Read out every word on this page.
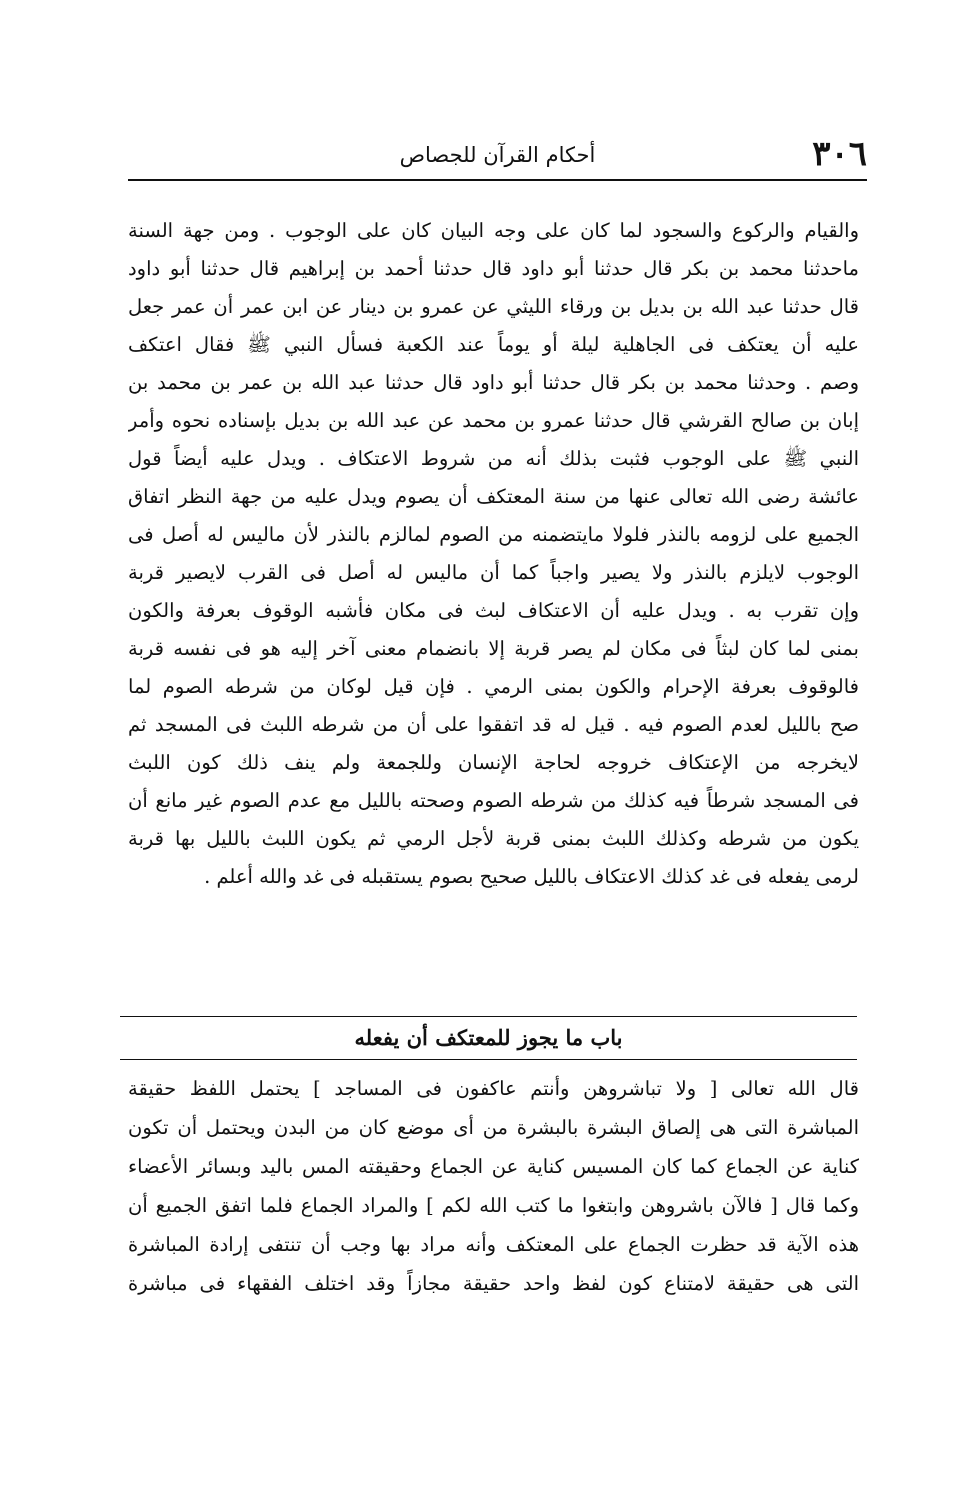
٣٠٦
أحكام القرآن للجصاص
والقيام والركوع والسجود لما كان على وجه البيان كان على الوجوب . ومن جهة السنة
ماحدثنا محمد بن بكر قال حدثنا أبو داود قال حدثنا أحمد بن إبراهيم قال حدثنا أبو داود
قال حدثنا عبد الله بن بديل بن ورقاء الليثي عن عمرو بن دينار عن ابن عمر أن عمر جعل
عليه أن يعتكف فى الجاهلية ليلة أو يوماً عند الكعبة فسأل النبي ﷺ فقال اعتكف
وصم . وحدثنا محمد بن بكر قال حدثنا أبو داود قال حدثنا عبد الله بن عمر بن محمد بن
إبان بن صالح القرشي قال حدثنا عمرو بن محمد عن عبد الله بن بديل بإسناده نحوه وأمر
النبي ﷺ على الوجوب فثبت بذلك أنه من شروط الاعتكاف . ويدل عليه أيضاً قول
عائشة رضى الله تعالى عنها من سنة المعتكف أن يصوم ويدل عليه من جهة النظر اتفاق
الجميع على لزومه بالنذر فلولا مايتضمنه من الصوم لمالزم بالنذر لأن ماليس له أصل فى
الوجوب لايلزم بالنذر ولا يصير واجباً كما أن ماليس له أصل فى القرب لايصير قربة
وإن تقرب به . ويدل عليه أن الاعتكاف لبث فى مكان فأشبه الوقوف بعرفة والكون
بمنى لما كان لبثاً فى مكان لم يصر قربة إلا بانضمام معنى آخر إليه هو فى نفسه قربة
فالوقوف بعرفة الإحرام والكون بمنى الرمي . فإن قيل لوكان من شرطه الصوم لما
صح بالليل لعدم الصوم فيه . قيل له قد اتفقوا على أن من شرطه اللبث فى المسجد ثم
لايخرجه من الإعتكاف خروجه لحاجة الإنسان وللجمعة ولم ينف ذلك كون اللبث
فى المسجد شرطاً فيه كذلك من شرطه الصوم وصحته بالليل مع عدم الصوم غير مانع أن
يكون من شرطه وكذلك اللبث بمنى قربة لأجل الرمي ثم يكون اللبث بالليل بها قربة
لرمى يفعله فى غد كذلك الاعتكاف بالليل صحيح بصوم يستقبله فى غد والله أعلم .
باب ما يجوز للمعتكف أن يفعله
قال الله تعالى [ ولا تباشروهن وأنتم عاكفون فى المساجد ] يحتمل اللفظ حقيقة
المباشرة التى هى إلصاق البشرة بالبشرة من أى موضع كان من البدن ويحتمل أن تكون
كناية عن الجماع كما كان المسيس كناية عن الجماع وحقيقته المس باليد وبسائر الأعضاء
وكما قال [ فالآن باشروهن وابتغوا ما كتب الله لكم ] والمراد الجماع فلما اتفق الجميع أن
هذه الآية قد حظرت الجماع على المعتكف وأنه مراد بها وجب أن تنتفى إرادة المباشرة
التى هى حقيقة لامتناع كون لفظ واحد حقيقة مجازاً وقد اختلف الفقهاء فى مباشرة
